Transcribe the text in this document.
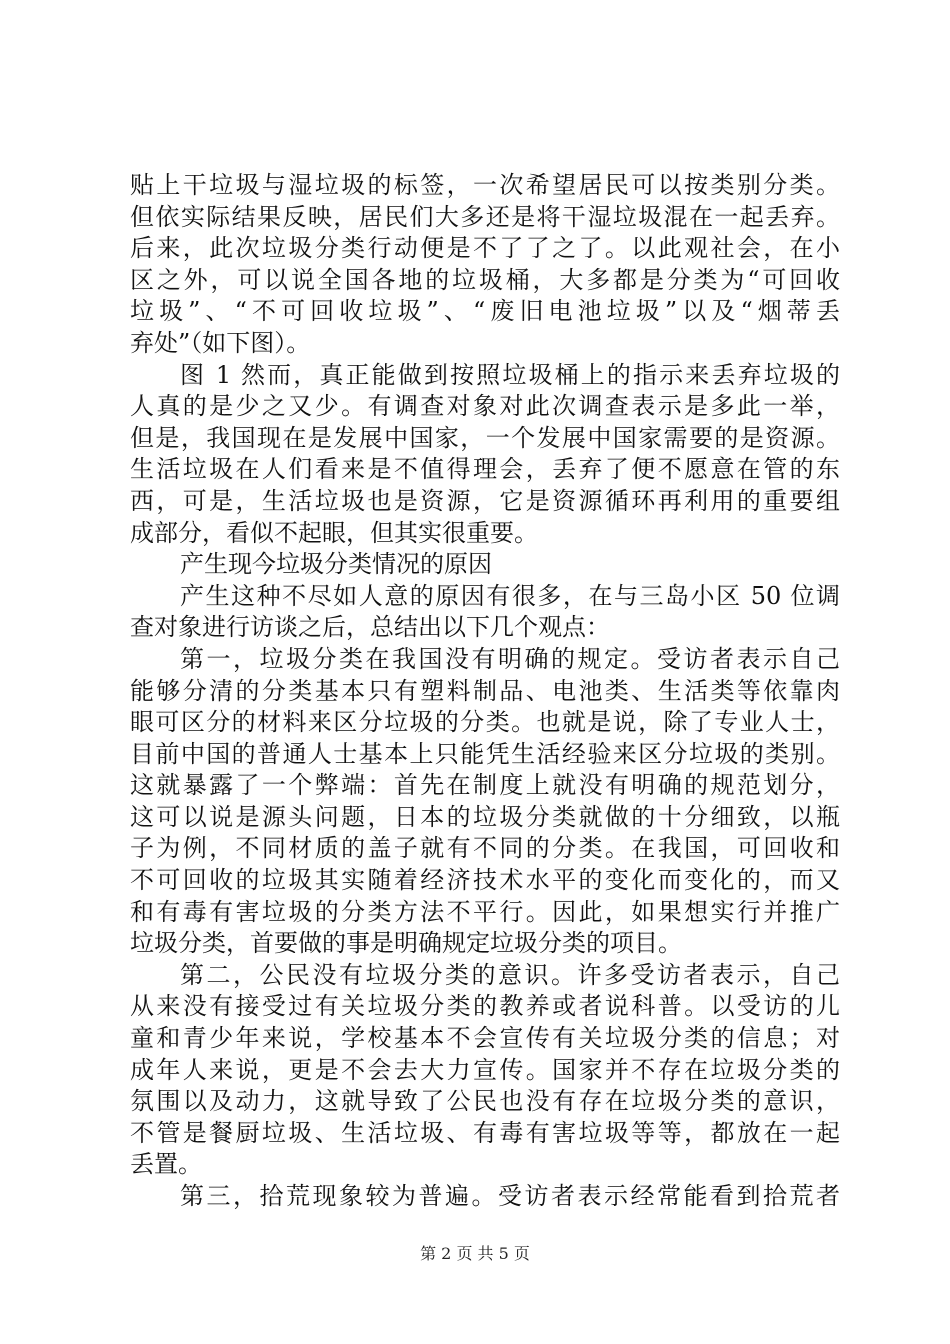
贴上干垃圾与湿垃圾的标签，一次希望居民可以按类别分类。
但依实际结果反映，居民们大多还是将干湿垃圾混在一起丢弃。
后来，此次垃圾分类行动便是不了了之了。以此观社会，在小
区之外，可以说全国各地的垃圾桶，大多都是分类为“可回收
垃圾”、“不可回收垃圾”、“废旧电池垃圾”以及“烟蒂丢
弃处”（如下图）。
图 1 然而，真正能做到按照垃圾桶上的指示来丢弃垃圾的
人真的是少之又少。有调查对象对此次调查表示是多此一举，
但是，我国现在是发展中国家，一个发展中国家需要的是资源。
生活垃圾在人们看来是不值得理会，丢弃了便不愿意在管的东
西，可是，生活垃圾也是资源，它是资源循环再利用的重要组
成部分，看似不起眼，但其实很重要。
产生现今垃圾分类情况的原因
产生这种不尽如人意的原因有很多，在与三岛小区 50 位调
查对象进行访谈之后，总结出以下几个观点：
第一，垃圾分类在我国没有明确的规定。受访者表示自己
能够分清的分类基本只有塑料制品、电池类、生活类等依靠肉
眼可区分的材料来区分垃圾的分类。也就是说，除了专业人士，
目前中国的普通人士基本上只能凭生活经验来区分垃圾的类别。
这就暴露了一个弊端：首先在制度上就没有明确的规范划分，
这可以说是源头问题，日本的垃圾分类就做的十分细致，以瓶
子为例，不同材质的盖子就有不同的分类。在我国，可回收和
不可回收的垃圾其实随着经济技术水平的变化而变化的，而又
和有毒有害垃圾的分类方法不平行。因此，如果想实行并推广
垃圾分类，首要做的事是明确规定垃圾分类的项目。
第二，公民没有垃圾分类的意识。许多受访者表示，自己
从来没有接受过有关垃圾分类的教养或者说科普。以受访的儿
童和青少年来说，学校基本不会宣传有关垃圾分类的信息；对
成年人来说，更是不会去大力宣传。国家并不存在垃圾分类的
氛围以及动力，这就导致了公民也没有存在垃圾分类的意识，
不管是餐厨垃圾、生活垃圾、有毒有害垃圾等等，都放在一起
丢置。
第三，拾荒现象较为普遍。受访者表示经常能看到拾荒者
第 2 页 共 5 页
